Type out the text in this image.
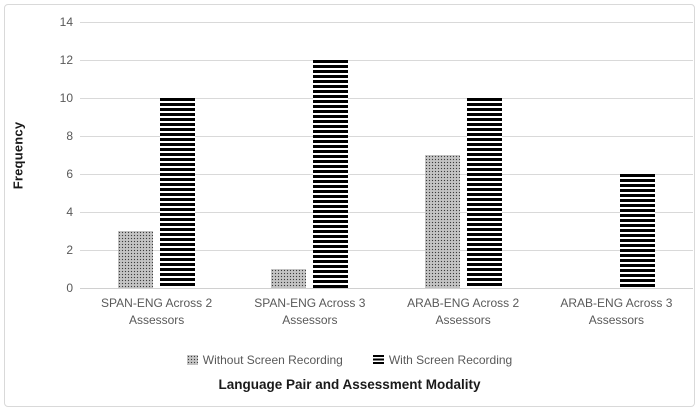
0
2
4
6
8
10
12
14
SPAN-ENG Across 2 Assessors
SPAN-ENG Across 3 Assessors
ARAB-ENG Across 2 Assessors
ARAB-ENG Across 3 Assessors
Frequency
Without Screen Recording	With Screen Recording
Language Pair and Assessment Modality
